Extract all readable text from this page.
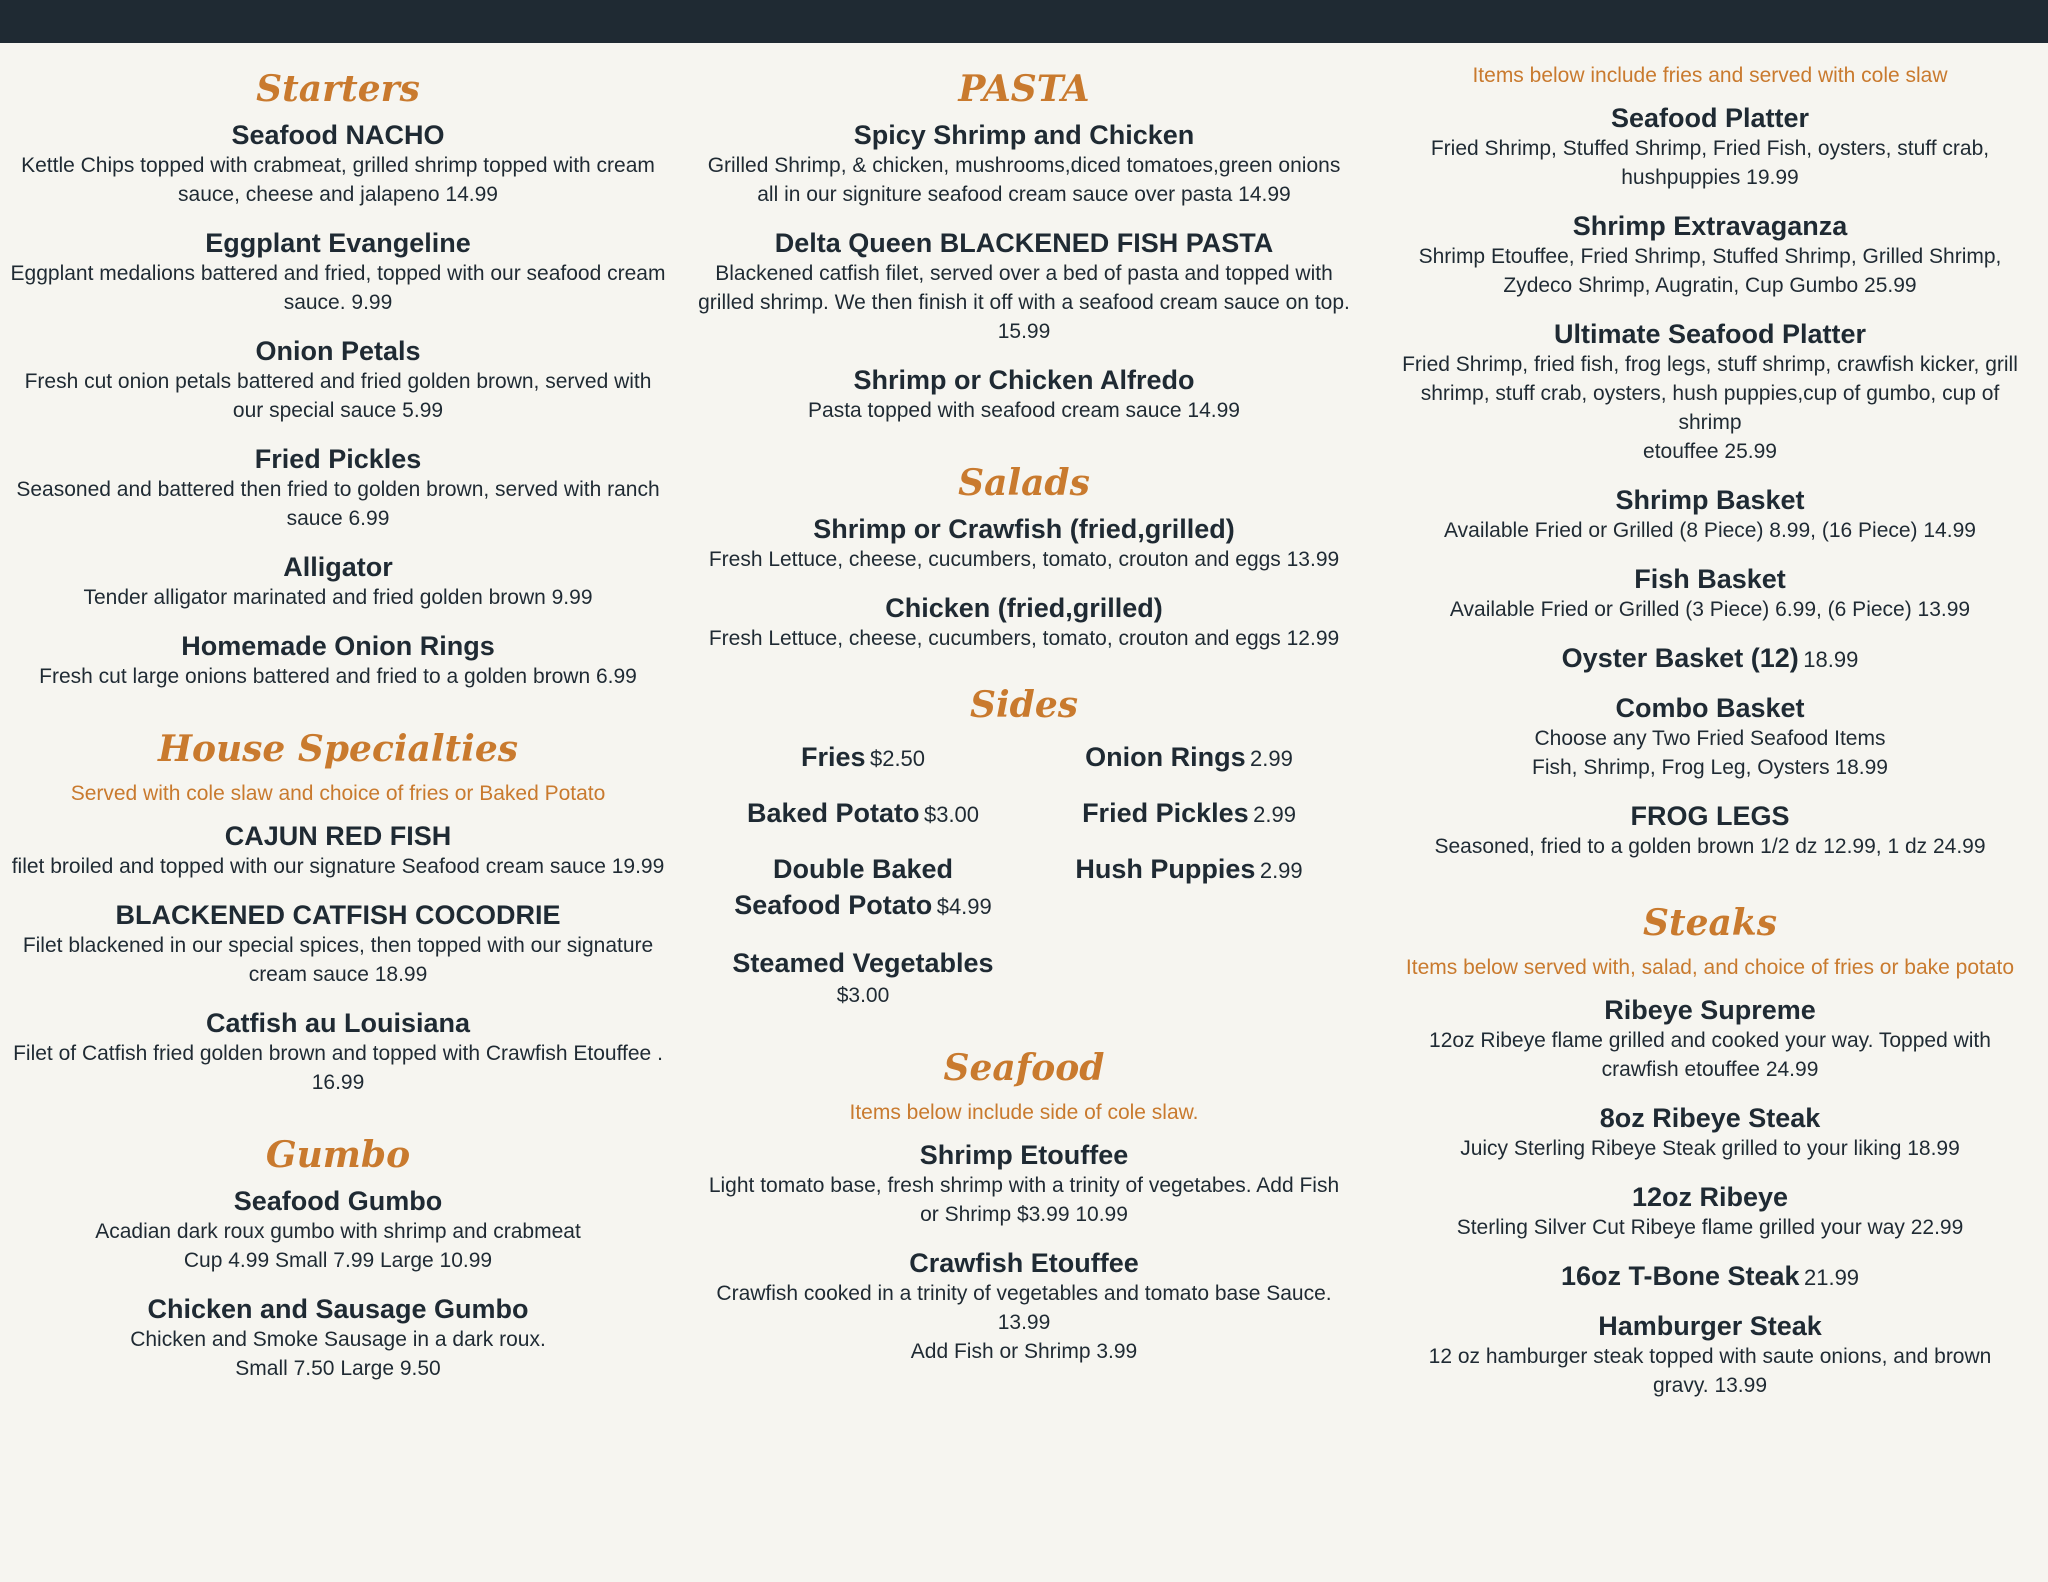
Starters
Seafood NACHO
Kettle Chips topped with crabmeat, grilled shrimp topped with cream sauce, cheese and jalapeno 14.99
Eggplant Evangeline
Eggplant medalions battered and fried, topped with our seafood cream sauce. 9.99
Onion Petals
Fresh cut onion petals battered and fried golden brown, served with our special sauce 5.99
Fried Pickles
Seasoned and battered then fried to golden brown, served with ranch sauce 6.99
Alligator
Tender alligator marinated and fried golden brown 9.99
Homemade Onion Rings
Fresh cut large onions battered and fried to a golden brown 6.99
House Specialties
Served with cole slaw and choice of fries or Baked Potato
CAJUN RED FISH
filet broiled and topped with our signature Seafood cream sauce 19.99
BLACKENED CATFISH COCODRIE
Filet blackened in our special spices, then topped with our signature cream sauce 18.99
Catfish au Louisiana
Filet of Catfish fried golden brown and topped with Crawfish Etouffee . 16.99
Gumbo
Seafood Gumbo
Acadian dark roux gumbo with shrimp and crabmeat
Cup 4.99 Small 7.99 Large 10.99
Chicken and Sausage Gumbo
Chicken and Smoke Sausage in a dark roux.
Small 7.50 Large 9.50
PASTA
Spicy Shrimp and Chicken
Grilled Shrimp, & chicken, mushrooms,diced tomatoes,green onions all in our signiture seafood cream sauce over pasta 14.99
Delta Queen BLACKENED FISH PASTA
Blackened catfish filet, served over a bed of pasta and topped with grilled shrimp. We then finish it off with a seafood cream sauce on top. 15.99
Shrimp or Chicken Alfredo
Pasta topped with seafood cream sauce 14.99
Salads
Shrimp or Crawfish (fried,grilled)
Fresh Lettuce, cheese, cucumbers, tomato, crouton and eggs 13.99
Chicken (fried,grilled)
Fresh Lettuce, cheese, cucumbers, tomato, crouton and eggs 12.99
Sides
Fries $2.50
Baked Potato $3.00
Double Baked
Seafood Potato $4.99
Steamed Vegetables
$3.00
Onion Rings 2.99
Fried Pickles 2.99
Hush Puppies 2.99
Seafood
Items below include side of cole slaw.
Shrimp Etouffee
Light tomato base, fresh shrimp with a trinity of vegetabes. Add Fish or Shrimp $3.99 10.99
Crawfish Etouffee
Crawfish cooked in a trinity of vegetables and tomato base Sauce. 13.99
Add Fish or Shrimp 3.99
Items below include fries and served with cole slaw
Seafood Platter
Fried Shrimp, Stuffed Shrimp, Fried Fish, oysters, stuff crab, hushpuppies 19.99
Shrimp Extravaganza
Shrimp Etouffee, Fried Shrimp, Stuffed Shrimp, Grilled Shrimp, Zydeco Shrimp, Augratin, Cup Gumbo 25.99
Ultimate Seafood Platter
Fried Shrimp, fried fish, frog legs, stuff shrimp, crawfish kicker, grill shrimp, stuff crab, oysters, hush puppies,cup of gumbo, cup of shrimp
etouffee 25.99
Shrimp Basket
Available Fried or Grilled (8 Piece) 8.99, (16 Piece) 14.99
Fish Basket
Available Fried or Grilled (3 Piece) 6.99, (6 Piece) 13.99
Oyster Basket (12) 18.99
Combo Basket
Choose any Two Fried Seafood Items
Fish, Shrimp, Frog Leg, Oysters 18.99
FROG LEGS
Seasoned, fried to a golden brown 1/2 dz 12.99, 1 dz 24.99
Steaks
Items below served with, salad, and choice of fries or bake potato
Ribeye Supreme
12oz Ribeye flame grilled and cooked your way. Topped with crawfish etouffee 24.99
8oz Ribeye Steak
Juicy Sterling Ribeye Steak grilled to your liking 18.99
12oz Ribeye
Sterling Silver Cut Ribeye flame grilled your way 22.99
16oz T-Bone Steak 21.99
Hamburger Steak
12 oz hamburger steak topped with saute onions, and brown gravy. 13.99
